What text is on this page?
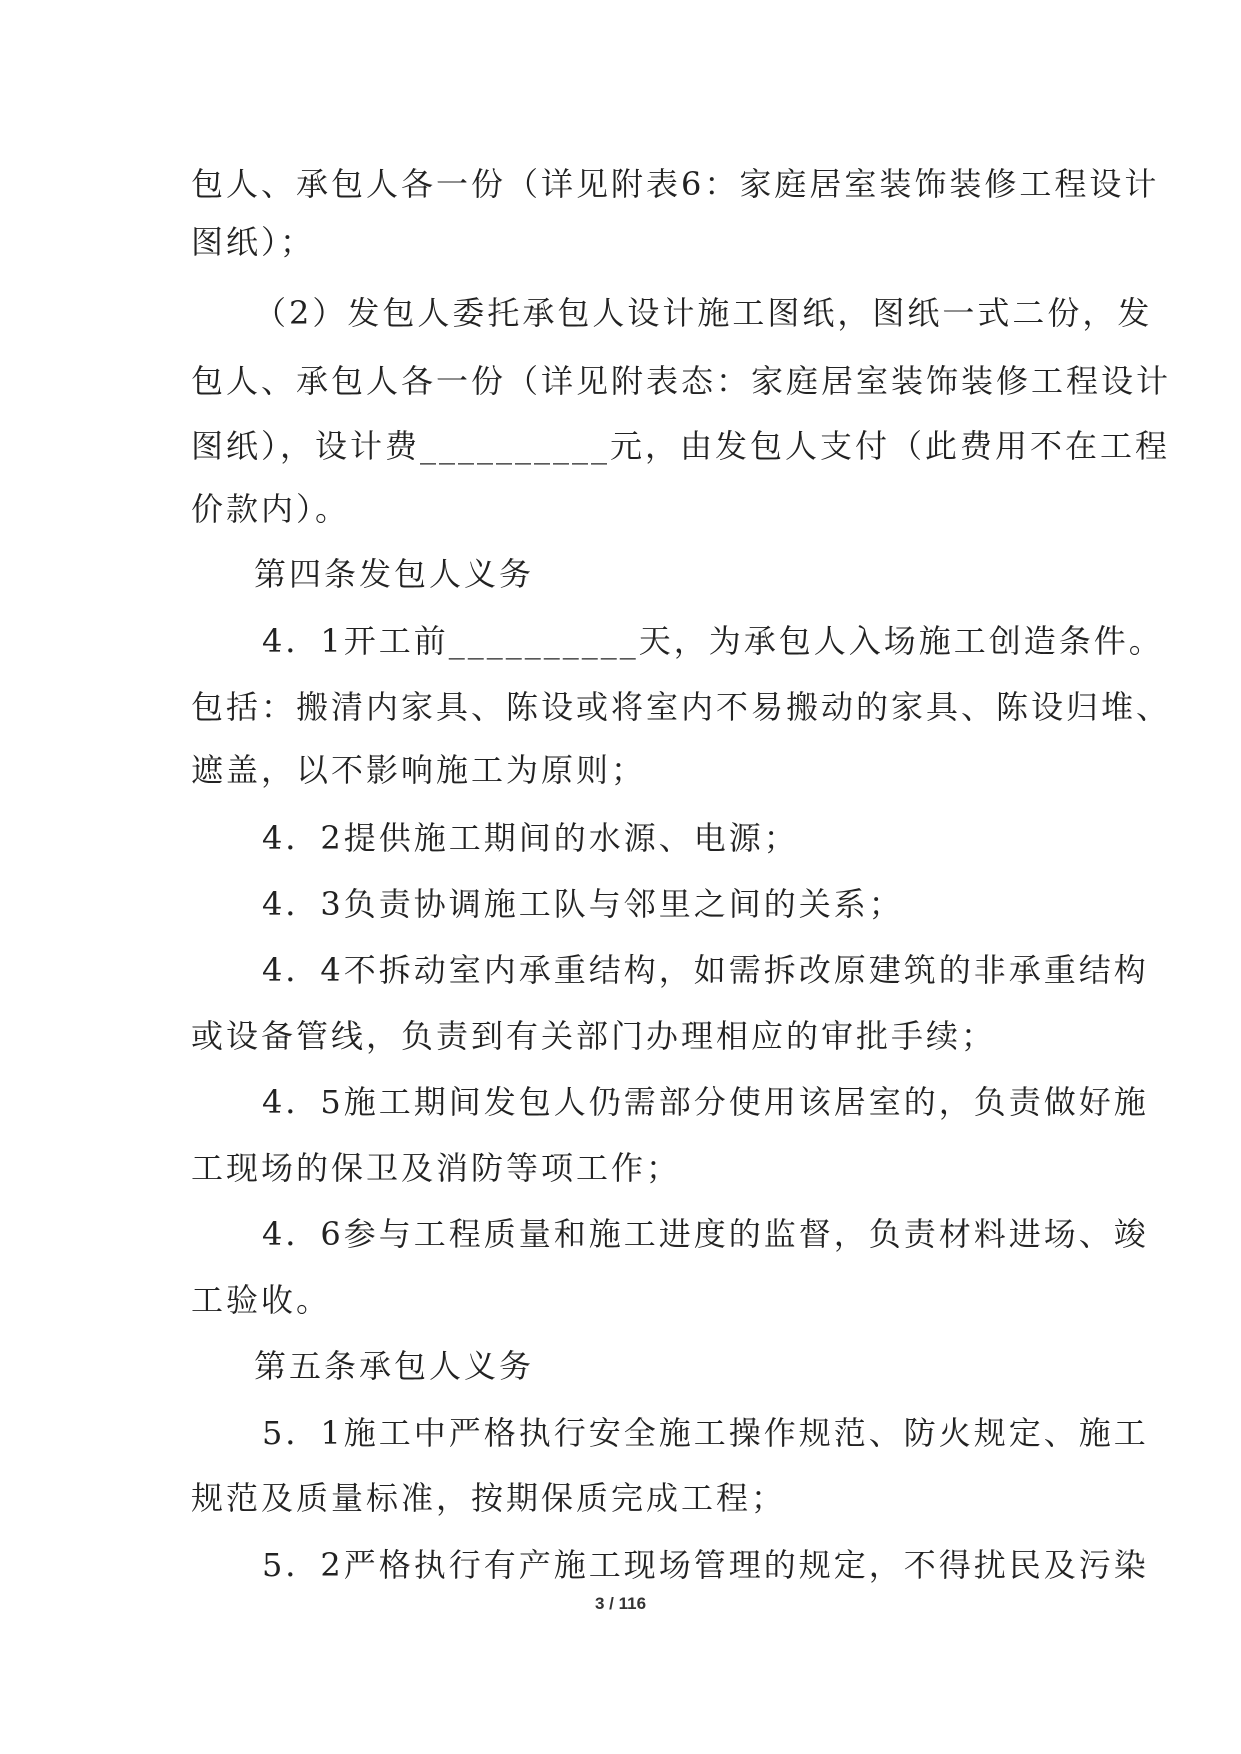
包人、承包人各一份（详见附表6：家庭居室装饰装修工程设计
图纸）；
（2）发包人委托承包人设计施工图纸，图纸一式二份，发
包人、承包人各一份（详见附表态：家庭居室装饰装修工程设计
图纸），设计费__________元，由发包人支付（此费用不在工程
价款内）。
第四条发包人义务
4．1开工前__________天，为承包人入场施工创造条件。
包括：搬清内家具、陈设或将室内不易搬动的家具、陈设归堆、
遮盖，以不影响施工为原则；
4．2提供施工期间的水源、电源；
4．3负责协调施工队与邻里之间的关系；
4．4不拆动室内承重结构，如需拆改原建筑的非承重结构
或设备管线，负责到有关部门办理相应的审批手续；
4．5施工期间发包人仍需部分使用该居室的，负责做好施
工现场的保卫及消防等项工作；
4．6参与工程质量和施工进度的监督，负责材料进场、竣
工验收。
第五条承包人义务
5．1施工中严格执行安全施工操作规范、防火规定、施工
规范及质量标准，按期保质完成工程；
5．2严格执行有产施工现场管理的规定，不得扰民及污染
3 / 116
